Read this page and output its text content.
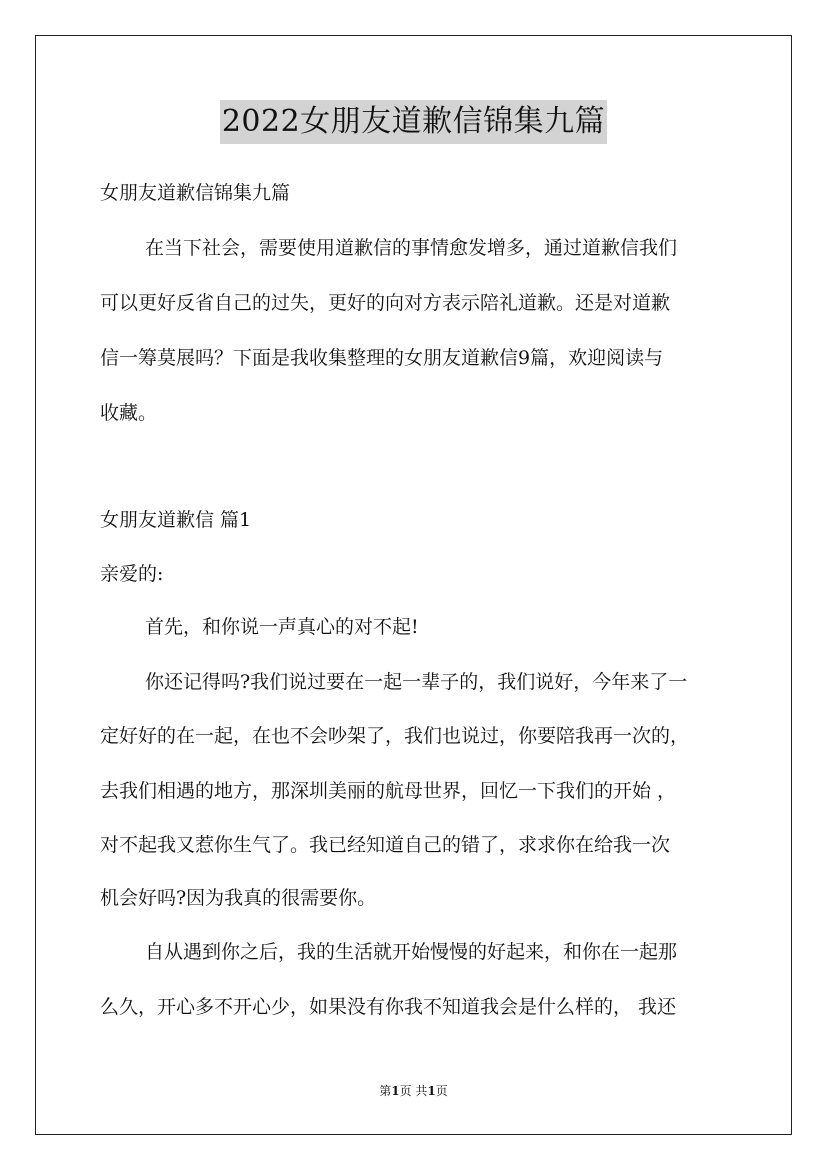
2022女朋友道歉信锦集九篇
女朋友道歉信锦集九篇
在当下社会，需要使用道歉信的事情愈发增多，通过道歉信我们
可以更好反省自己的过失，更好的向对方表示陪礼道歉。还是对道歉
信一筹莫展吗？下面是我收集整理的女朋友道歉信9篇，欢迎阅读与
收藏。
女朋友道歉信 篇1
亲爱的:
首先，和你说一声真心的对不起!
你还记得吗?我们说过要在一起一辈子的，我们说好，今年来了一
定好好的在一起，在也不会吵架了，我们也说过，你要陪我再一次的，
去我们相遇的地方，那深圳美丽的航母世界，回忆一下我们的开始 ，
对不起我又惹你生气了。我已经知道自己的错了，求求你在给我一次
机会好吗?因为我真的很需要你。
自从遇到你之后，我的生活就开始慢慢的好起来，和你在一起那
么久，开心多不开心少，如果没有你我不知道我会是什么样的， 我还
第1页 共1页
